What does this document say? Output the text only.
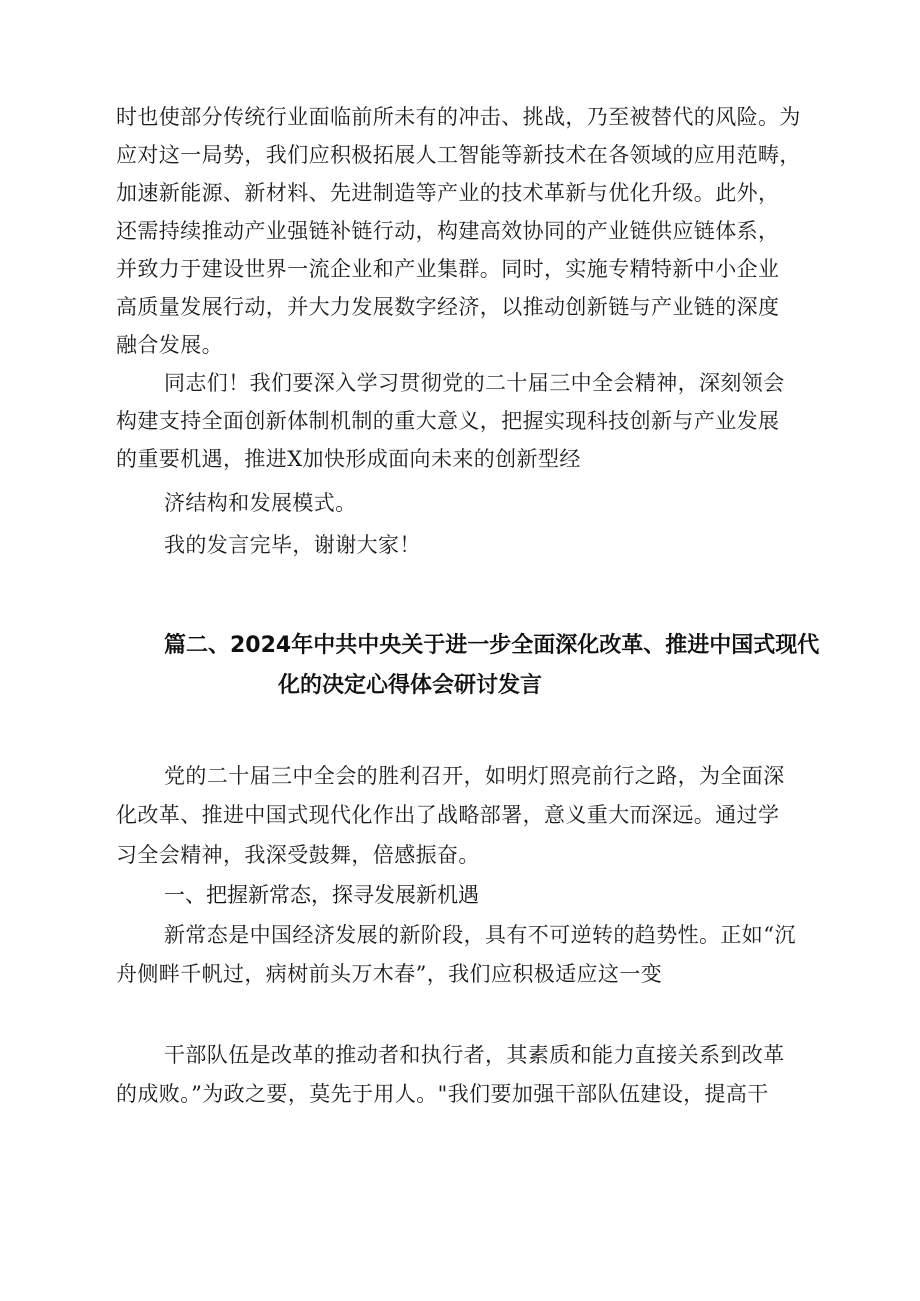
时也使部分传统行业面临前所未有的冲击、挑战，乃至被替代的风险。为
应对这一局势，我们应积极拓展人工智能等新技术在各领域的应用范畴，
加速新能源、新材料、先进制造等产业的技术革新与优化升级。此外，
还需持续推动产业强链补链行动，构建高效协同的产业链供应链体系，
并致力于建设世界一流企业和产业集群。同时，实施专精特新中小企业
高质量发展行动，并大力发展数字经济，以推动创新链与产业链的深度
融合发展。
同志们！我们要深入学习贯彻党的二十届三中全会精神，深刻领会
构建支持全面创新体制机制的重大意义，把握实现科技创新与产业发展
的重要机遇，推进X加快形成面向未来的创新型经
济结构和发展模式。
我的发言完毕，谢谢大家！
篇二、2024年中共中央关于进一步全面深化改革、推进中国式现代
化的决定心得体会研讨发言
党的二十届三中全会的胜利召开，如明灯照亮前行之路，为全面深
化改革、推进中国式现代化作出了战略部署，意义重大而深远。通过学
习全会精神，我深受鼓舞，倍感振奋。
一、把握新常态，探寻发展新机遇
新常态是中国经济发展的新阶段，具有不可逆转的趋势性。正如“沉
舟侧畔千帆过，病树前头万木春”，我们应积极适应这一变
干部队伍是改革的推动者和执行者，其素质和能力直接关系到改革
的成败。”为政之要，莫先于用人。"我们要加强干部队伍建设，提高干
